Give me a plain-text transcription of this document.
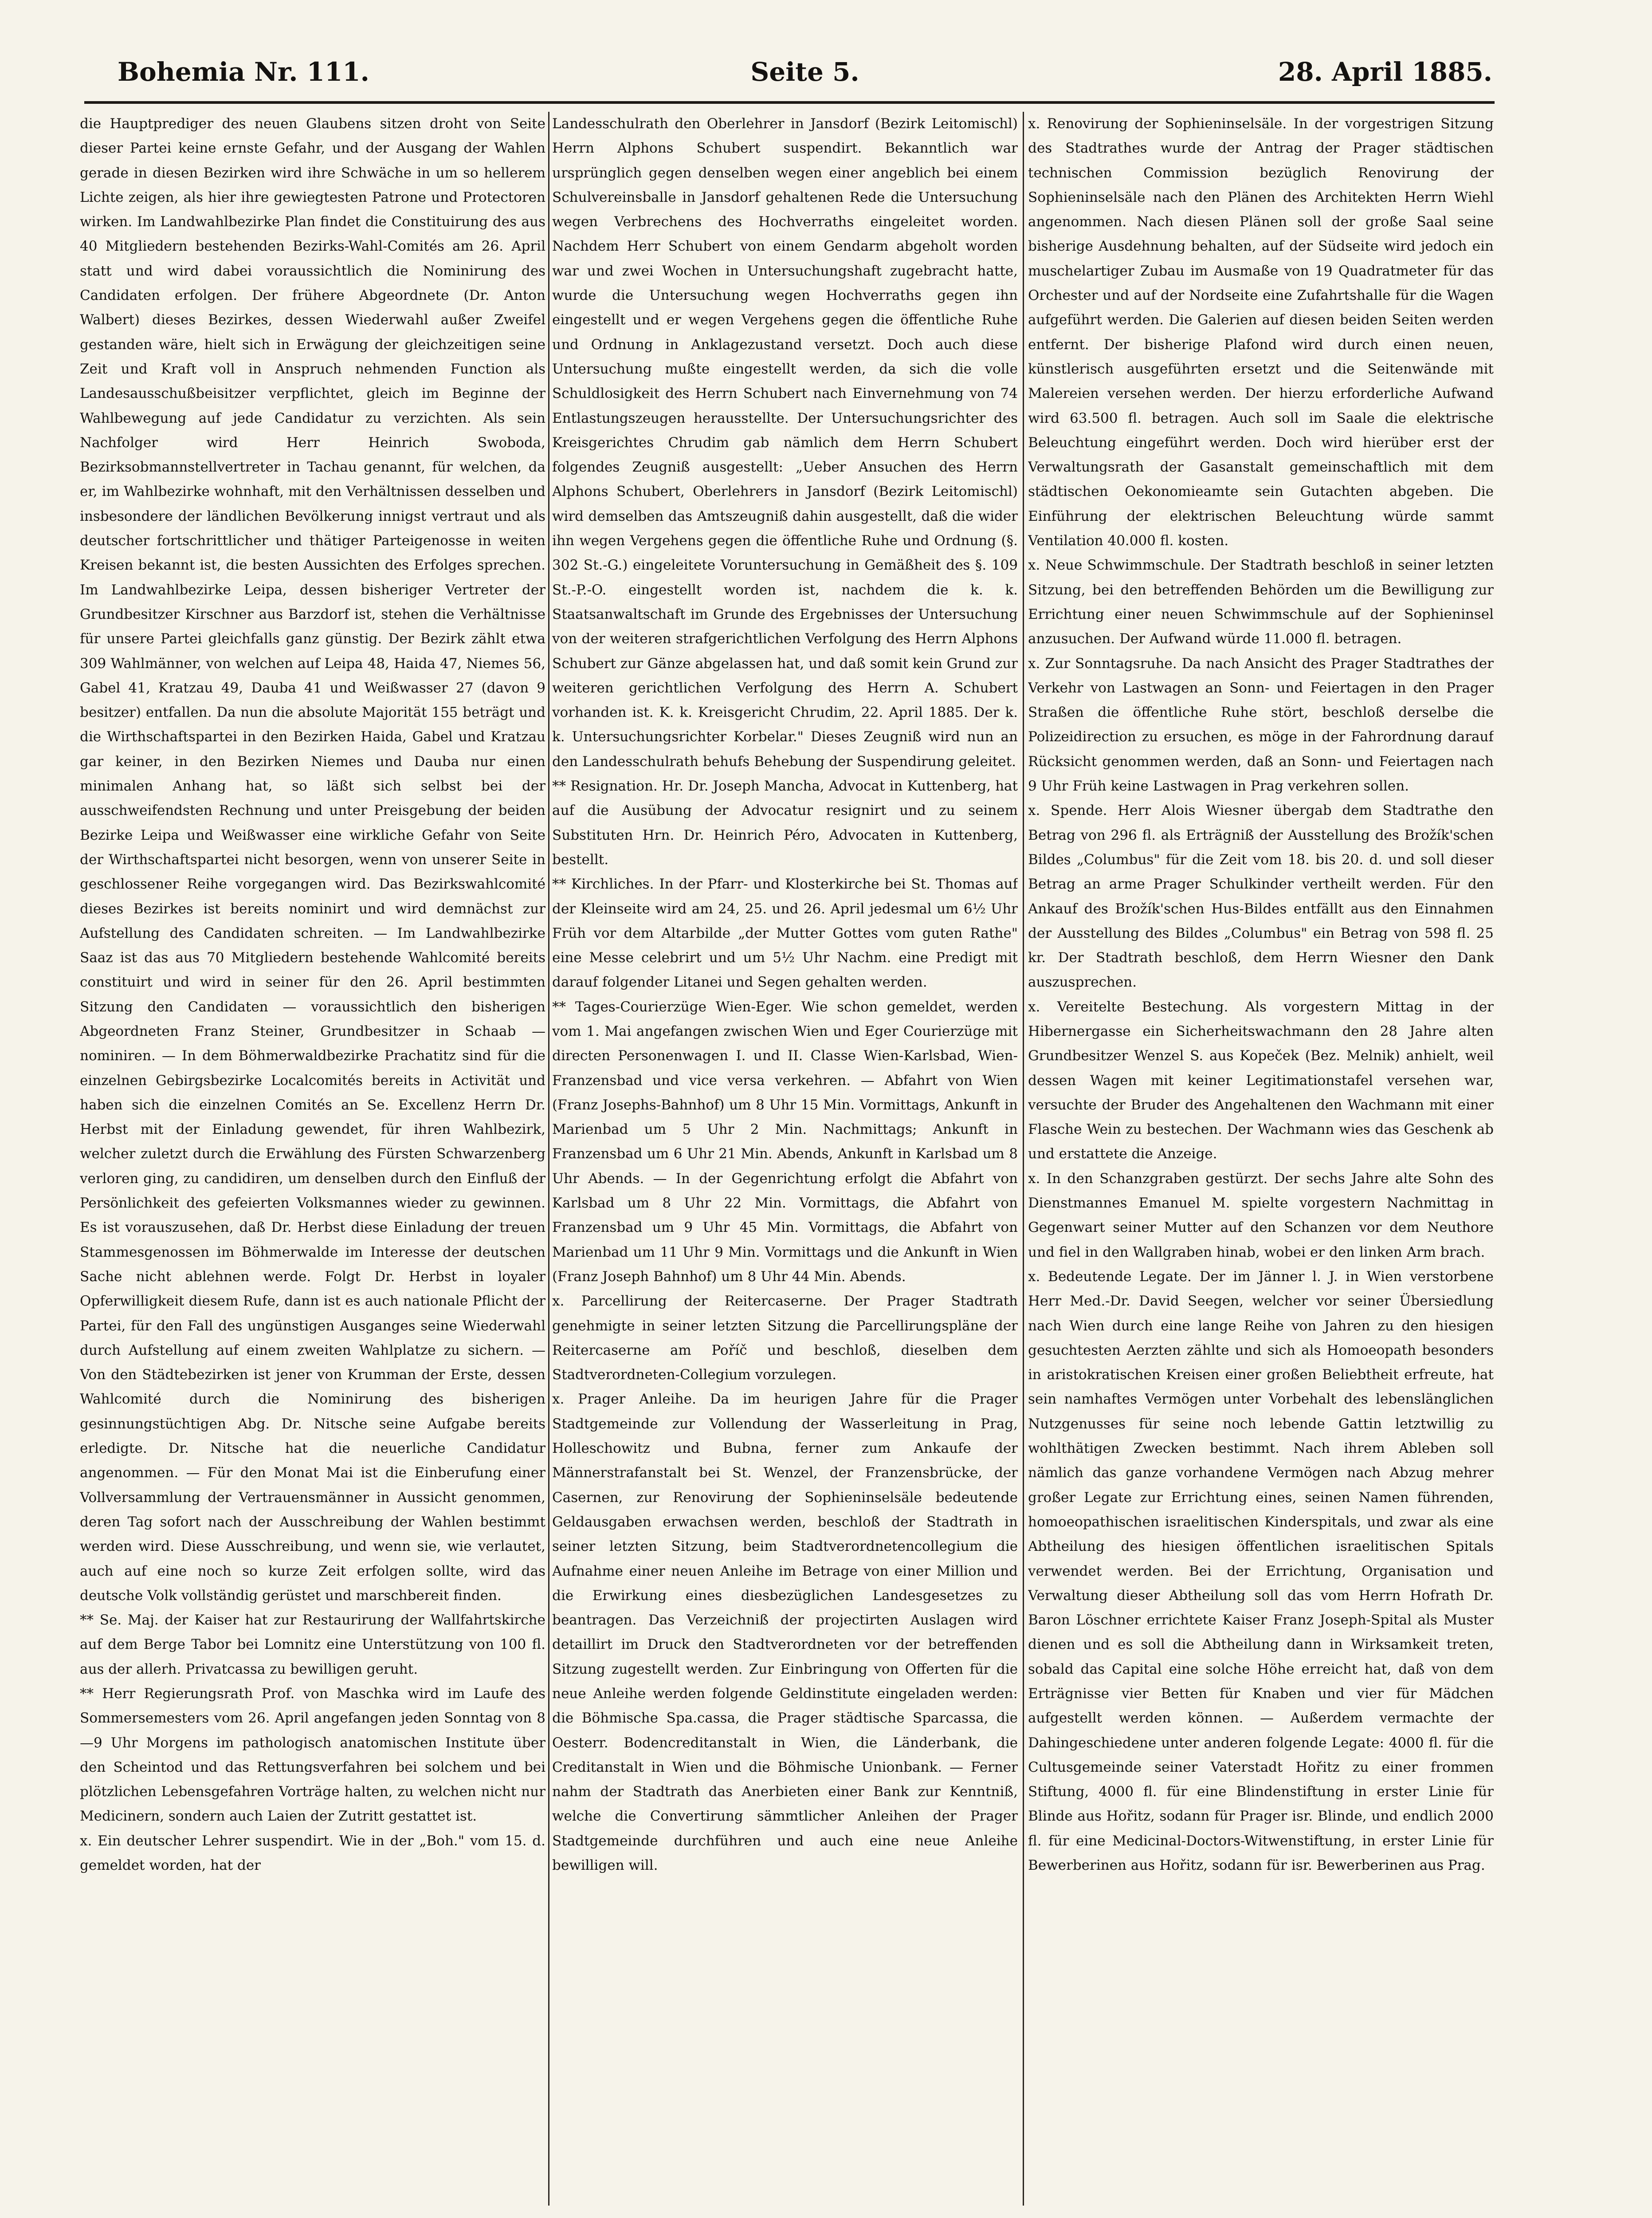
Bohemia Nr. 111.	Seite 5.	28. April 1885.

die Hauptprediger des neuen Glaubens sitzen droht von Seite dieser Partei keine ernste Gefahr, und der Ausgang der Wahlen gerade in diesen Bezirken wird ihre Schwäche in um so hellerem Lichte zeigen, als hier ihre gewiegtesten Patrone und Protectoren wirken. Im Landwahlbezirke Plan findet die Constituirung des aus 40 Mitgliedern bestehenden Bezirks-Wahl-Comités am 26. April statt und wird dabei voraussichtlich die Nominirung des Candidaten erfolgen. Der frühere Abgeordnete (Dr. Anton Walbert) dieses Bezirkes, dessen Wiederwahl außer Zweifel gestanden wäre, hielt sich in Erwägung der gleichzeitigen seine Zeit und Kraft voll in Anspruch nehmenden Function als Landesausschußbeisitzer verpflichtet, gleich im Beginne der Wahlbewegung auf jede Candidatur zu verzichten. Als sein Nachfolger wird Herr Heinrich Swoboda, Bezirksobmannstellvertreter in Tachau genannt, für welchen, da er, im Wahlbezirke wohnhaft, mit den Verhältnissen desselben und insbesondere der ländlichen Bevölkerung innigst vertraut und als deutscher fortschrittlicher und thätiger Parteigenosse in weiten Kreisen bekannt ist, die besten Aussichten des Erfolges sprechen. Im Landwahlbezirke Leipa, dessen bisheriger Vertreter der Grundbesitzer Kirschner aus Barzdorf ist, stehen die Verhältnisse für unsere Partei gleichfalls ganz günstig. Der Bezirk zählt etwa 309 Wahlmänner, von welchen auf Leipa 48, Haida 47, Niemes 56, Gabel 41, Kratzau 49, Dauba 41 und Weißwasser 27 (davon 9 besitzer) entfallen. Da nun die absolute Majorität 155 beträgt und die Wirthschaftspartei in den Bezirken Haida, Gabel und Kratzau gar keiner, in den Bezirken Niemes und Dauba nur einen minimalen Anhang hat, so läßt sich selbst bei der ausschweifendsten Rechnung und unter Preisgebung der beiden Bezirke Leipa und Weißwasser eine wirkliche Gefahr von Seite der Wirthschaftspartei nicht besorgen, wenn von unserer Seite in geschlossener Reihe vorgegangen wird. Das Bezirkswahlcomité dieses Bezirkes ist bereits nominirt und wird demnächst zur Aufstellung des Candidaten schreiten. — Im Landwahlbezirke Saaz ist das aus 70 Mitgliedern bestehende Wahlcomité bereits constituirt und wird in seiner für den 26. April bestimmten Sitzung den Candidaten — voraussichtlich den bisherigen Abgeordneten Franz Steiner, Grundbesitzer in Schaab — nominiren. — In dem Böhmerwaldbezirke Prachatitz sind für die einzelnen Gebirgsbezirke Localcomités bereits in Activität und haben sich die einzelnen Comités an Se. Excellenz Herrn Dr. Herbst mit der Einladung gewendet, für ihren Wahlbezirk, welcher zuletzt durch die Erwählung des Fürsten Schwarzenberg verloren ging, zu candidiren, um denselben durch den Einfluß der Persönlichkeit des gefeierten Volksmannes wieder zu gewinnen. Es ist vorauszusehen, daß Dr. Herbst diese Einladung der treuen Stammesgenossen im Böhmerwalde im Interesse der deutschen Sache nicht ablehnen werde. Folgt Dr. Herbst in loyaler Opferwilligkeit diesem Rufe, dann ist es auch nationale Pflicht der Partei, für den Fall des ungünstigen Ausganges seine Wiederwahl durch Aufstellung auf einem zweiten Wahlplatze zu sichern. — Von den Städtebezirken ist jener von Krumman der Erste, dessen Wahlcomité durch die Nominirung des bisherigen gesinnungstüchtigen Abg. Dr. Nitsche seine Aufgabe bereits erledigte. Dr. Nitsche hat die neuerliche Candidatur angenommen. — Für den Monat Mai ist die Einberufung einer Vollversammlung der Vertrauensmänner in Aussicht genommen, deren Tag sofort nach der Ausschreibung der Wahlen bestimmt werden wird. Diese Ausschreibung, und wenn sie, wie verlautet, auch auf eine noch so kurze Zeit erfolgen sollte, wird das deutsche Volk vollständig gerüstet und marschbereit finden.

** Se. Maj. der Kaiser hat zur Restaurirung der Wallfahrtskirche auf dem Berge Tabor bei Lomnitz eine Unterstützung von 100 fl. aus der allerh. Privatcassa zu bewilligen geruht.

** Herr Regierungsrath Prof. von Maschka wird im Laufe des Sommersemesters vom 26. April angefangen jeden Sonntag von 8—9 Uhr Morgens im pathologisch anatomischen Institute über den Scheintod und das Rettungsverfahren bei solchem und bei plötzlichen Lebensgefahren Vorträge halten, zu welchen nicht nur Medicinern, sondern auch Laien der Zutritt gestattet ist.

x. Ein deutscher Lehrer suspendirt. Wie in der „Boh." vom 15. d. gemeldet worden, hat der

Landesschulrath den Oberlehrer in Jansdorf (Bezirk Leitomischl) Herrn Alphons Schubert suspendirt. Bekanntlich war ursprünglich gegen denselben wegen einer angeblich bei einem Schulvereinsballe in Jansdorf gehaltenen Rede die Untersuchung wegen Verbrechens des Hochverraths eingeleitet worden. Nachdem Herr Schubert von einem Gendarm abgeholt worden war und zwei Wochen in Untersuchungshaft zugebracht hatte, wurde die Untersuchung wegen Hochverraths gegen ihn eingestellt und er wegen Vergehens gegen die öffentliche Ruhe und Ordnung in Anklagezustand versetzt. Doch auch diese Untersuchung mußte eingestellt werden, da sich die volle Schuldlosigkeit des Herrn Schubert nach Einvernehmung von 74 Entlastungszeugen herausstellte. Der Untersuchungsrichter des Kreisgerichtes Chrudim gab nämlich dem Herrn Schubert folgendes Zeugniß ausgestellt: „Ueber Ansuchen des Herrn Alphons Schubert, Oberlehrers in Jansdorf (Bezirk Leitomischl) wird demselben das Amtszeugniß dahin ausgestellt, daß die wider ihn wegen Vergehens gegen die öffentliche Ruhe und Ordnung (§. 302 St.-G.) eingeleitete Voruntersuchung in Gemäßheit des §. 109 St.-P.-O. eingestellt worden ist, nachdem die k. k. Staatsanwaltschaft im Grunde des Ergebnisses der Untersuchung von der weiteren strafgerichtlichen Verfolgung des Herrn Alphons Schubert zur Gänze abgelassen hat, und daß somit kein Grund zur weiteren gerichtlichen Verfolgung des Herrn A. Schubert vorhanden ist. K. k. Kreisgericht Chrudim, 22. April 1885. Der k. k. Untersuchungsrichter Korbelar." Dieses Zeugniß wird nun an den Landesschulrath behufs Behebung der Suspendirung geleitet.

** Resignation. Hr. Dr. Joseph Mancha, Advocat in Kuttenberg, hat auf die Ausübung der Advocatur resignirt und zu seinem Substituten Hrn. Dr. Heinrich Péro, Advocaten in Kuttenberg, bestellt.

** Kirchliches. In der Pfarr- und Klosterkirche bei St. Thomas auf der Kleinseite wird am 24, 25. und 26. April jedesmal um 6½ Uhr Früh vor dem Altarbilde „der Mutter Gottes vom guten Rathe" eine Messe celebrirt und um 5½ Uhr Nachm. eine Predigt mit darauf folgender Litanei und Segen gehalten werden.

** Tages-Courierzüge Wien-Eger. Wie schon gemeldet, werden vom 1. Mai angefangen zwischen Wien und Eger Courierzüge mit directen Personenwagen I. und II. Classe Wien-Karlsbad, Wien-Franzensbad und vice versa verkehren. — Abfahrt von Wien (Franz Josephs-Bahnhof) um 8 Uhr 15 Min. Vormittags, Ankunft in Marienbad um 5 Uhr 2 Min. Nachmittags; Ankunft in Franzensbad um 6 Uhr 21 Min. Abends, Ankunft in Karlsbad um 8 Uhr Abends. — In der Gegenrichtung erfolgt die Abfahrt von Karlsbad um 8 Uhr 22 Min. Vormittags, die Abfahrt von Franzensbad um 9 Uhr 45 Min. Vormittags, die Abfahrt von Marienbad um 11 Uhr 9 Min. Vormittags und die Ankunft in Wien (Franz Joseph Bahnhof) um 8 Uhr 44 Min. Abends.

x. Parcellirung der Reitercaserne. Der Prager Stadtrath genehmigte in seiner letzten Sitzung die Parcellirungspläne der Reitercaserne am Poříč und beschloß, dieselben dem Stadtverordneten-Collegium vorzulegen.

x. Prager Anleihe. Da im heurigen Jahre für die Prager Stadtgemeinde zur Vollendung der Wasserleitung in Prag, Holleschowitz und Bubna, ferner zum Ankaufe der Männerstrafanstalt bei St. Wenzel, der Franzensbrücke, der Casernen, zur Renovirung der Sophieninselsäle bedeutende Geldausgaben erwachsen werden, beschloß der Stadtrath in seiner letzten Sitzung, beim Stadtverordnetencollegium die Aufnahme einer neuen Anleihe im Betrage von einer Million und die Erwirkung eines diesbezüglichen Landesgesetzes zu beantragen. Das Verzeichniß der projectirten Auslagen wird detaillirt im Druck den Stadtverordneten vor der betreffenden Sitzung zugestellt werden. Zur Einbringung von Offerten für die neue Anleihe werden folgende Geldinstitute eingeladen werden: die Böhmische Spa.cassa, die Prager städtische Sparcassa, die Oesterr. Bodencreditanstalt in Wien, die Länderbank, die Creditanstalt in Wien und die Böhmische Unionbank. — Ferner nahm der Stadtrath das Anerbieten einer Bank zur Kenntniß, welche die Convertirung sämmtlicher Anleihen der Prager Stadtgemeinde durchführen und auch eine neue Anleihe bewilligen will.

x. Renovirung der Sophieninselsäle. In der vorgestrigen Sitzung des Stadtrathes wurde der Antrag der Prager städtischen technischen Commission bezüglich Renovirung der Sophieninselsäle nach den Plänen des Architekten Herrn Wiehl angenommen. Nach diesen Plänen soll der große Saal seine bisherige Ausdehnung behalten, auf der Südseite wird jedoch ein muschelartiger Zubau im Ausmaße von 19 Quadratmeter für das Orchester und auf der Nordseite eine Zufahrtshalle für die Wagen aufgeführt werden. Die Galerien auf diesen beiden Seiten werden entfernt. Der bisherige Plafond wird durch einen neuen, künstlerisch ausgeführten ersetzt und die Seitenwände mit Malereien versehen werden. Der hierzu erforderliche Aufwand wird 63.500 fl. betragen. Auch soll im Saale die elektrische Beleuchtung eingeführt werden. Doch wird hierüber erst der Verwaltungsrath der Gasanstalt gemeinschaftlich mit dem städtischen Oekonomieamte sein Gutachten abgeben. Die Einführung der elektrischen Beleuchtung würde sammt Ventilation 40.000 fl. kosten.

x. Neue Schwimmschule. Der Stadtrath beschloß in seiner letzten Sitzung, bei den betreffenden Behörden um die Bewilligung zur Errichtung einer neuen Schwimmschule auf der Sophieninsel anzusuchen. Der Aufwand würde 11.000 fl. betragen.

x. Zur Sonntagsruhe. Da nach Ansicht des Prager Stadtrathes der Verkehr von Lastwagen an Sonn- und Feiertagen in den Prager Straßen die öffentliche Ruhe stört, beschloß derselbe die Polizeidirection zu ersuchen, es möge in der Fahrordnung darauf Rücksicht genommen werden, daß an Sonn- und Feiertagen nach 9 Uhr Früh keine Lastwagen in Prag verkehren sollen.

x. Spende. Herr Alois Wiesner übergab dem Stadtrathe den Betrag von 296 fl. als Erträgniß der Ausstellung des Brožík'schen Bildes „Columbus" für die Zeit vom 18. bis 20. d. und soll dieser Betrag an arme Prager Schulkinder vertheilt werden. Für den Ankauf des Brožík'schen Hus-Bildes entfällt aus den Einnahmen der Ausstellung des Bildes „Columbus" ein Betrag von 598 fl. 25 kr. Der Stadtrath beschloß, dem Herrn Wiesner den Dank auszusprechen.

x. Vereitelte Bestechung. Als vorgestern Mittag in der Hibernergasse ein Sicherheitswachmann den 28 Jahre alten Grundbesitzer Wenzel S. aus Kopeček (Bez. Melnik) anhielt, weil dessen Wagen mit keiner Legitimationstafel versehen war, versuchte der Bruder des Angehaltenen den Wachmann mit einer Flasche Wein zu bestechen. Der Wachmann wies das Geschenk ab und erstattete die Anzeige.

x. In den Schanzgraben gestürzt. Der sechs Jahre alte Sohn des Dienstmannes Emanuel M. spielte vorgestern Nachmittag in Gegenwart seiner Mutter auf den Schanzen vor dem Neuthore und fiel in den Wallgraben hinab, wobei er den linken Arm brach.

x. Bedeutende Legate. Der im Jänner l. J. in Wien verstorbene Herr Med.-Dr. David Seegen, welcher vor seiner Übersiedlung nach Wien durch eine lange Reihe von Jahren zu den hiesigen gesuchtesten Aerzten zählte und sich als Homoeopath besonders in aristokratischen Kreisen einer großen Beliebtheit erfreute, hat sein namhaftes Vermögen unter Vorbehalt des lebenslänglichen Nutzgenusses für seine noch lebende Gattin letztwillig zu wohlthätigen Zwecken bestimmt. Nach ihrem Ableben soll nämlich das ganze vorhandene Vermögen nach Abzug mehrer großer Legate zur Errichtung eines, seinen Namen führenden, homoeopathischen israelitischen Kinderspitals, und zwar als eine Abtheilung des hiesigen öffentlichen israelitischen Spitals verwendet werden. Bei der Errichtung, Organisation und Verwaltung dieser Abtheilung soll das vom Herrn Hofrath Dr. Baron Löschner errichtete Kaiser Franz Joseph-Spital als Muster dienen und es soll die Abtheilung dann in Wirksamkeit treten, sobald das Capital eine solche Höhe erreicht hat, daß von dem Erträgnisse vier Betten für Knaben und vier für Mädchen aufgestellt werden können. — Außerdem vermachte der Dahingeschiedene unter anderen folgende Legate: 4000 fl. für die Cultusgemeinde seiner Vaterstadt Hořitz zu einer frommen Stiftung, 4000 fl. für eine Blindenstiftung in erster Linie für Blinde aus Hořitz, sodann für Prager isr. Blinde, und endlich 2000 fl. für eine Medicinal-Doctors-Witwenstiftung, in erster Linie für Bewerberinen aus Hořitz, sodann für isr. Bewerberinen aus Prag.
